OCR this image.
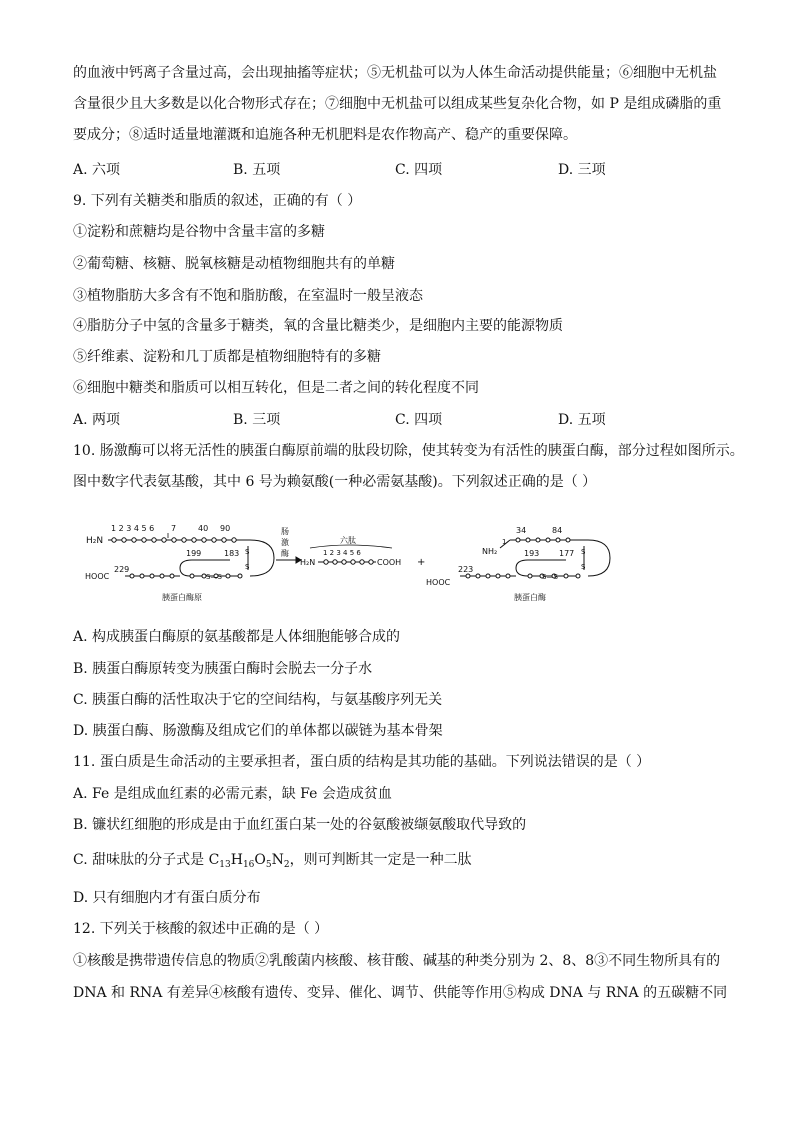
的血液中钙离子含量过高，会出现抽搐等症状；⑤无机盐可以为人体生命活动提供能量；⑥细胞中无机盐
含量很少且大多数是以化合物形式存在；⑦细胞中无机盐可以组成某些复杂化合物，如 P 是组成磷脂的重
要成分；⑧适时适量地灌溉和追施各种无机肥料是农作物高产、稳产的重要保障。
A. 六项	B. 五项	C. 四项	D. 三项
9. 下列有关糖类和脂质的叙述，正确的有（ ）
①淀粉和蔗糖均是谷物中含量丰富的多糖
②葡萄糖、核糖、脱氧核糖是动植物细胞共有的单糖
③植物脂肪大多含有不饱和脂肪酸，在室温时一般呈液态
④脂肪分子中氢的含量多于糖类，氧的含量比糖类少，是细胞内主要的能源物质
⑤纤维素、淀粉和几丁质都是植物细胞特有的多糖
⑥细胞中糖类和脂质可以相互转化，但是二者之间的转化程度不同
A. 两项	B. 三项	C. 四项	D. 五项
10. 肠激酶可以将无活性的胰蛋白酶原前端的肽段切除，使其转变为有活性的胰蛋白酶，部分过程如图所示。
图中数字代表氨基酸，其中 6 号为赖氨酸(一种必需氨基酸)。下列叙述正确的是（ ）
H₂N
1 2 3 4 5 6 7	40 90
199	183
229
HOOC
S
S
S—S
胰蛋白酶原
肠
激
酶
六肽
1 2 3 4 5 6
H₂N	COOH +
NH₂
1
34	84
193 177
223
HOOC
S
S
S—S
胰蛋白酶
A. 构成胰蛋白酶原的氨基酸都是人体细胞能够合成的
B. 胰蛋白酶原转变为胰蛋白酶时会脱去一分子水
C. 胰蛋白酶的活性取决于它的空间结构，与氨基酸序列无关
D. 胰蛋白酶、肠激酶及组成它们的单体都以碳链为基本骨架
11. 蛋白质是生命活动的主要承担者，蛋白质的结构是其功能的基础。下列说法错误的是（ ）
A. Fe 是组成血红素的必需元素，缺 Fe 会造成贫血
B. 镰状红细胞的形成是由于血红蛋白某一处的谷氨酸被缬氨酸取代导致的
C. 甜味肽的分子式是 $C_{13}H_{16}O_5N_2$，则可判断其一定是一种二肽
D. 只有细胞内才有蛋白质分布
12. 下列关于核酸的叙述中正确的是（ ）
①核酸是携带遗传信息的物质②乳酸菌内核酸、核苷酸、碱基的种类分别为 2、8、8③不同生物所具有的
DNA 和 RNA 有差异④核酸有遗传、变异、催化、调节、供能等作用⑤构成 DNA 与 RNA 的五碳糖不同
